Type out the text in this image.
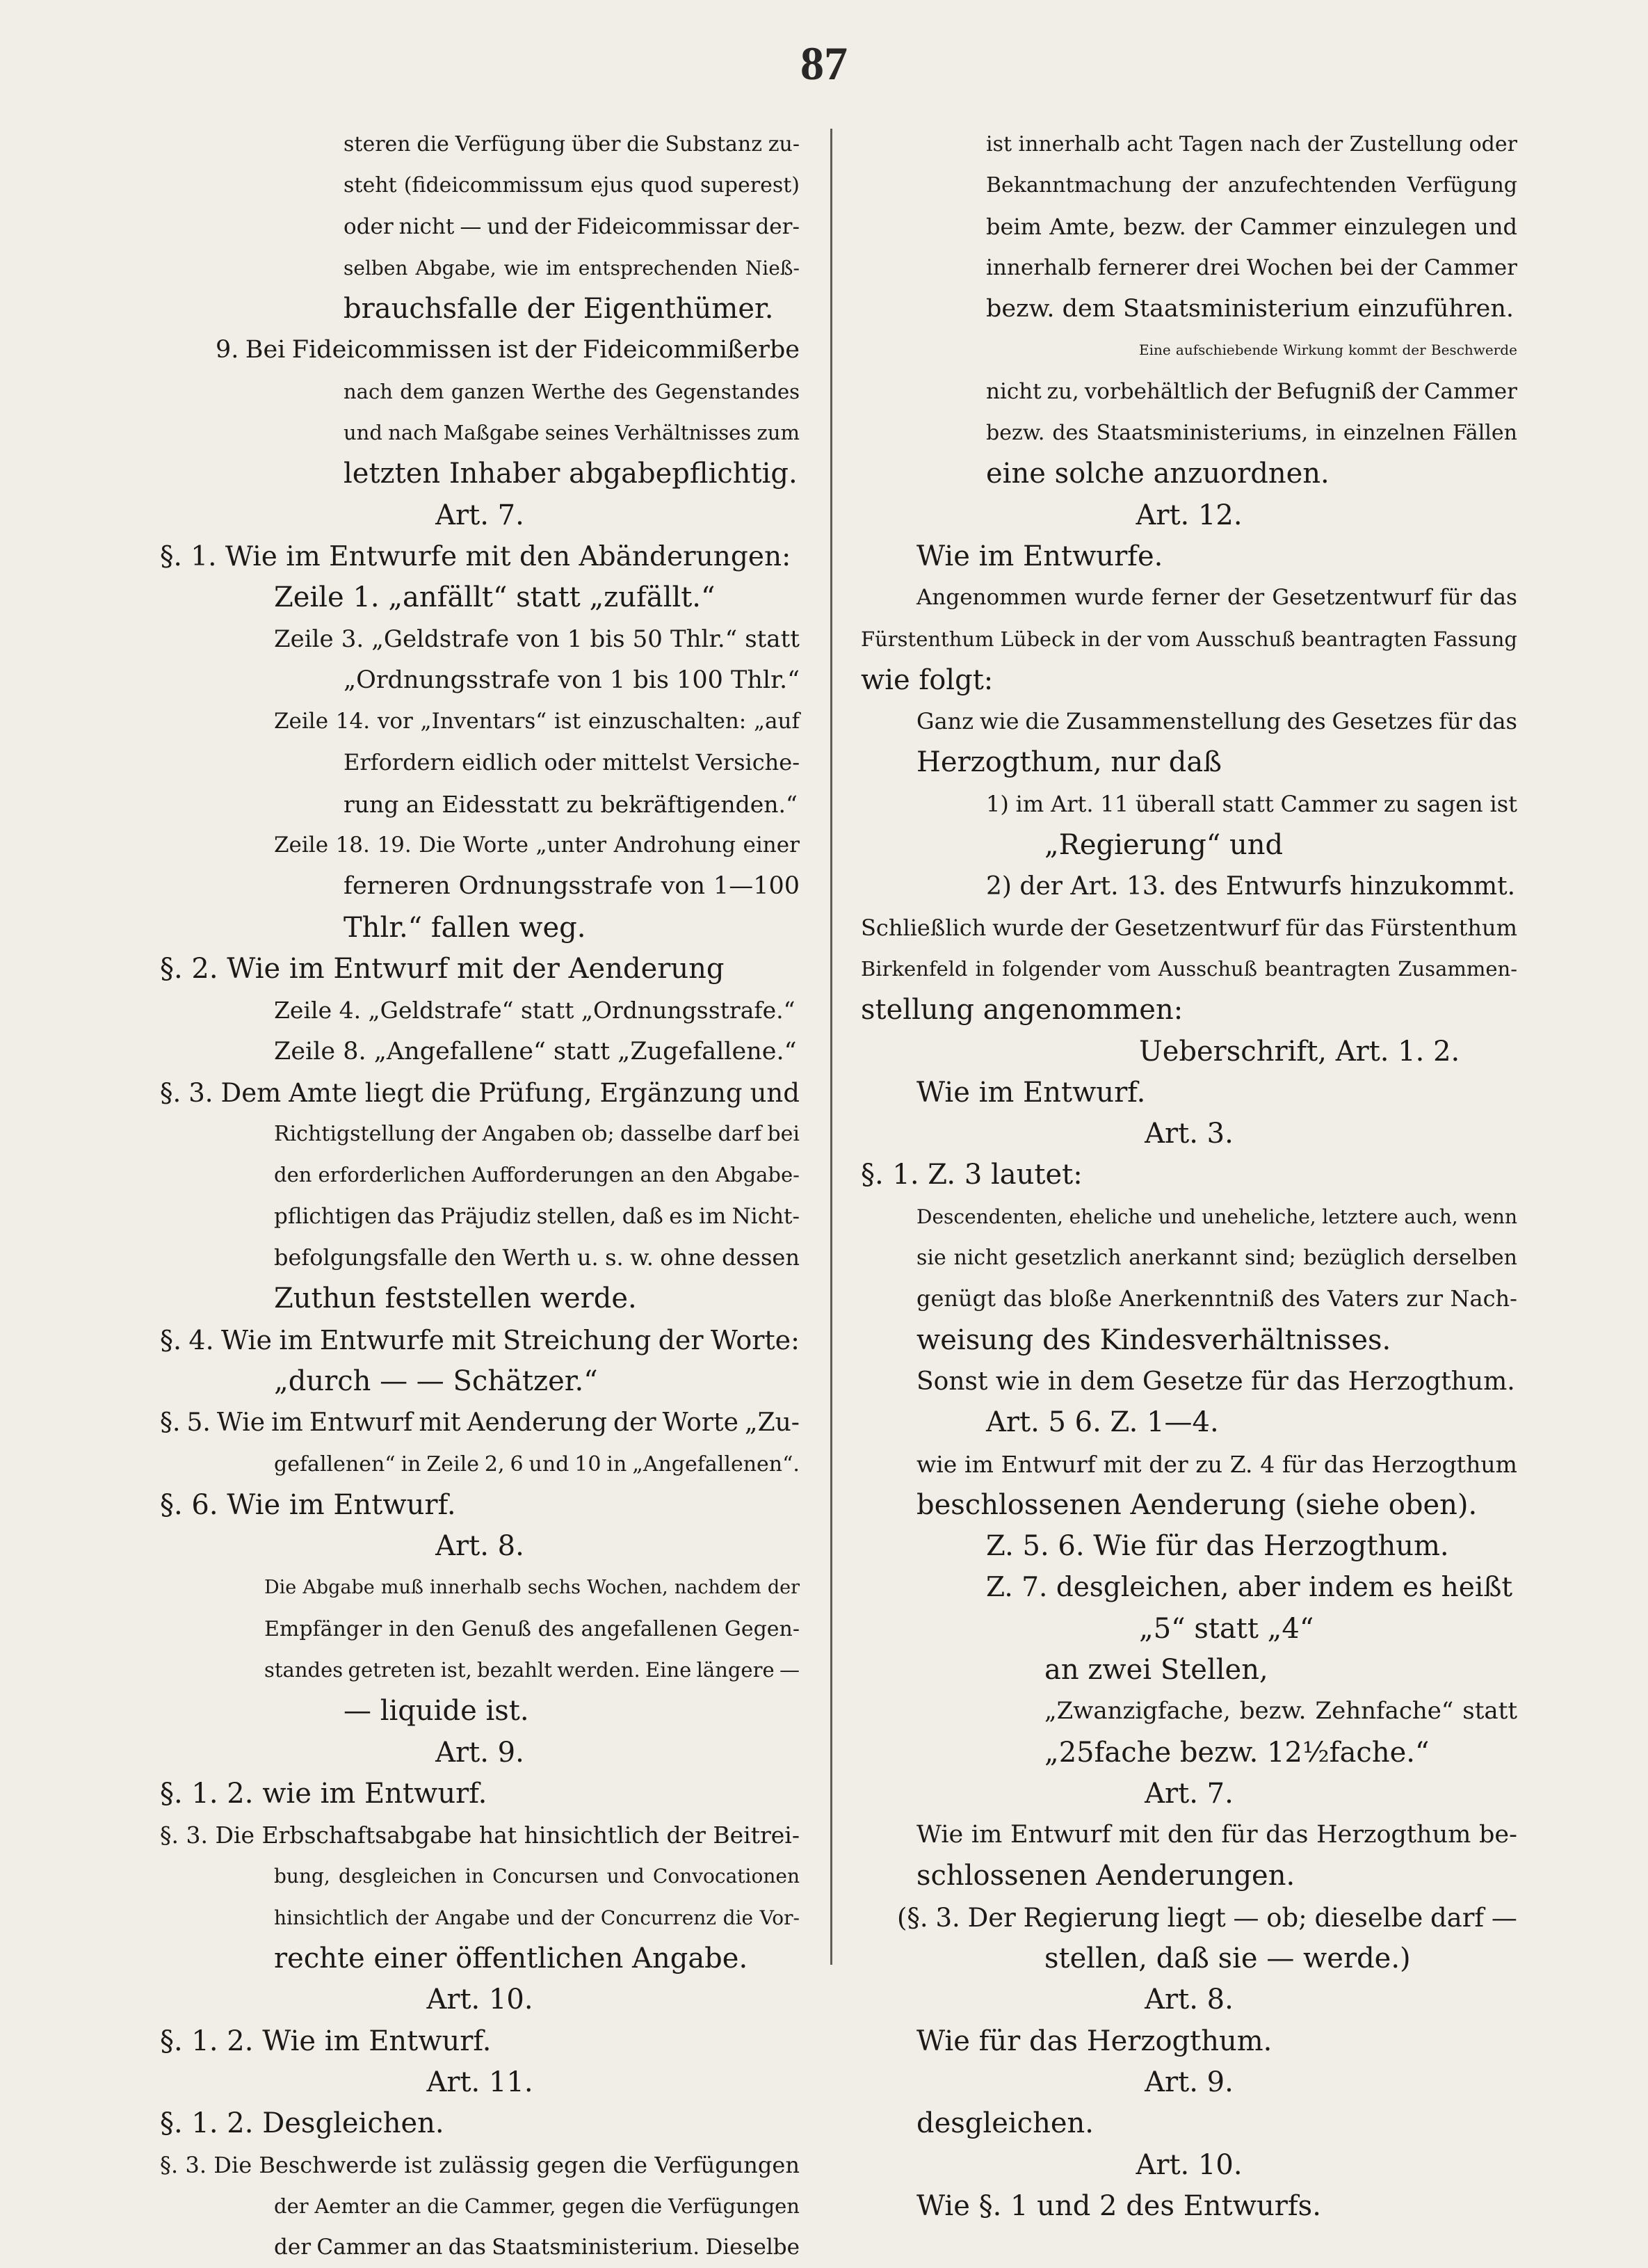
87
steren die Verfügung über die Substanz zu-
steht (fideicommissum ejus quod superest)
oder nicht — und der Fideicommissar der-
selben Abgabe, wie im entsprechenden Nieß-
brauchsfalle der Eigenthümer.
9. Bei Fideicommissen ist der Fideicommißerbe
nach dem ganzen Werthe des Gegenstandes
und nach Maßgabe seines Verhältnisses zum
letzten Inhaber abgabepflichtig.
Art. 7.
§. 1. Wie im Entwurfe mit den Abänderungen:
Zeile 1. „anfällt“ statt „zufällt.“
Zeile 3. „Geldstrafe von 1 bis 50 Thlr.“ statt
„Ordnungsstrafe von 1 bis 100 Thlr.“
Zeile 14. vor „Inventars“ ist einzuschalten: „auf
Erfordern eidlich oder mittelst Versiche-
rung an Eidesstatt zu bekräftigenden.“
Zeile 18. 19. Die Worte „unter Androhung einer
ferneren Ordnungsstrafe von 1—100
Thlr.“ fallen weg.
§. 2. Wie im Entwurf mit der Aenderung
Zeile 4. „Geldstrafe“ statt „Ordnungsstrafe.“
Zeile 8. „Angefallene“ statt „Zugefallene.“
§. 3. Dem Amte liegt die Prüfung, Ergänzung und
Richtigstellung der Angaben ob; dasselbe darf bei
den erforderlichen Aufforderungen an den Abgabe-
pflichtigen das Präjudiz stellen, daß es im Nicht-
befolgungsfalle den Werth u. s. w. ohne dessen
Zuthun feststellen werde.
§. 4. Wie im Entwurfe mit Streichung der Worte:
„durch — — Schätzer.“
§. 5. Wie im Entwurf mit Aenderung der Worte „Zu-
gefallenen“ in Zeile 2, 6 und 10 in „Angefallenen“.
§. 6. Wie im Entwurf.
Art. 8.
Die Abgabe muß innerhalb sechs Wochen, nachdem der
Empfänger in den Genuß des angefallenen Gegen-
standes getreten ist, bezahlt werden. Eine längere —
— liquide ist.
Art. 9.
§. 1. 2. wie im Entwurf.
§. 3. Die Erbschaftsabgabe hat hinsichtlich der Beitrei-
bung, desgleichen in Concursen und Convocationen
hinsichtlich der Angabe und der Concurrenz die Vor-
rechte einer öffentlichen Angabe.
Art. 10.
§. 1. 2. Wie im Entwurf.
Art. 11.
§. 1. 2. Desgleichen.
§. 3. Die Beschwerde ist zulässig gegen die Verfügungen
der Aemter an die Cammer, gegen die Verfügungen
der Cammer an das Staatsministerium. Dieselbe
ist innerhalb acht Tagen nach der Zustellung oder
Bekanntmachung der anzufechtenden Verfügung
beim Amte, bezw. der Cammer einzulegen und
innerhalb fernerer drei Wochen bei der Cammer
bezw. dem Staatsministerium einzuführen.
Eine aufschiebende Wirkung kommt der Beschwerde
nicht zu, vorbehältlich der Befugniß der Cammer
bezw. des Staatsministeriums, in einzelnen Fällen
eine solche anzuordnen.
Art. 12.
Wie im Entwurfe.
Angenommen wurde ferner der Gesetzentwurf für das
Fürstenthum Lübeck in der vom Ausschuß beantragten Fassung
wie folgt:
Ganz wie die Zusammenstellung des Gesetzes für das
Herzogthum, nur daß
1) im Art. 11 überall statt Cammer zu sagen ist
„Regierung“ und
2) der Art. 13. des Entwurfs hinzukommt.
Schließlich wurde der Gesetzentwurf für das Fürstenthum
Birkenfeld in folgender vom Ausschuß beantragten Zusammen-
stellung angenommen:
Ueberschrift, Art. 1. 2.
Wie im Entwurf.
Art. 3.
§. 1. Z. 3 lautet:
Descendenten, eheliche und uneheliche, letztere auch, wenn
sie nicht gesetzlich anerkannt sind; bezüglich derselben
genügt das bloße Anerkenntniß des Vaters zur Nach-
weisung des Kindesverhältnisses.
Sonst wie in dem Gesetze für das Herzogthum.
Art. 5 6. Z. 1—4.
wie im Entwurf mit der zu Z. 4 für das Herzogthum
beschlossenen Aenderung (siehe oben).
Z. 5. 6. Wie für das Herzogthum.
Z. 7. desgleichen, aber indem es heißt
„5“ statt „4“
an zwei Stellen,
„Zwanzigfache, bezw. Zehnfache“ statt
„25fache bezw. 12½fache.“
Art. 7.
Wie im Entwurf mit den für das Herzogthum be-
schlossenen Aenderungen.
(§. 3. Der Regierung liegt — ob; dieselbe darf —
stellen, daß sie — werde.)
Art. 8.
Wie für das Herzogthum.
Art. 9.
desgleichen.
Art. 10.
Wie §. 1 und 2 des Entwurfs.
